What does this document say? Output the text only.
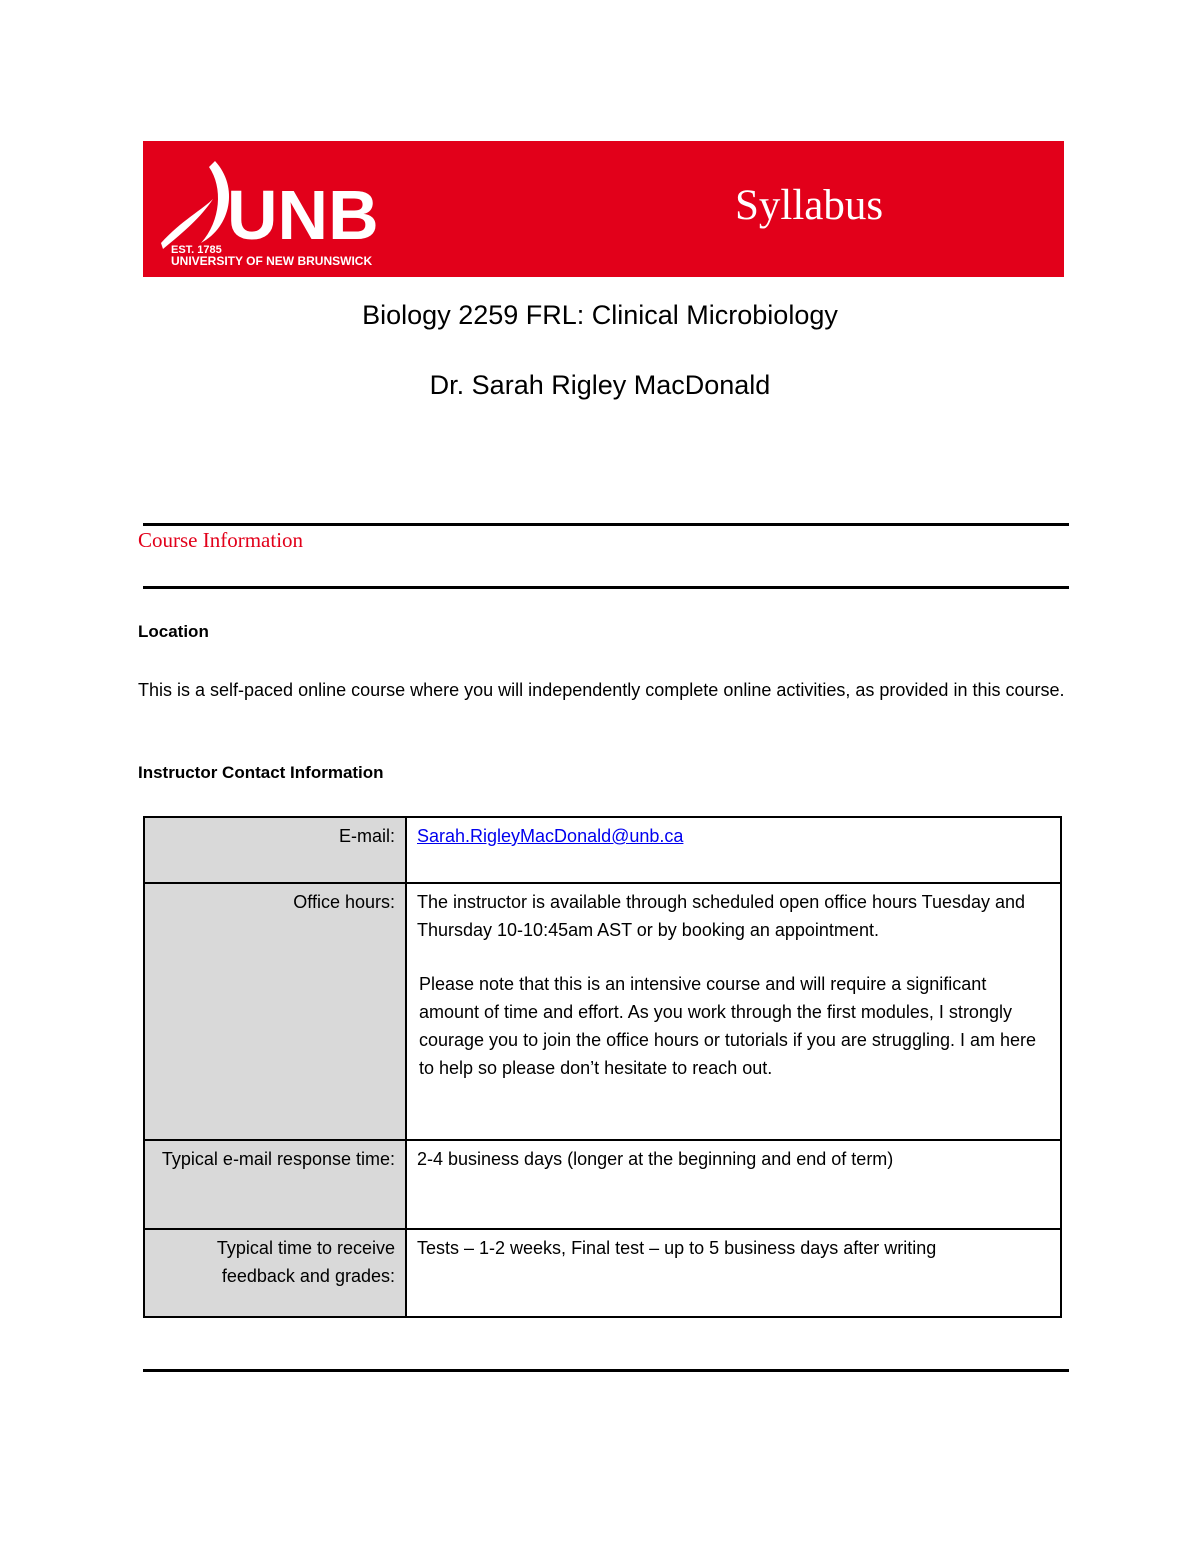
UNB
EST. 1785
UNIVERSITY OF NEW BRUNSWICK
Syllabus
Biology 2259 FRL: Clinical Microbiology
Dr. Sarah Rigley MacDonald
Course Information
Location
This is a self-paced online course where you will independently complete online activities, as provided in this course.
Instructor Contact Information
E-mail:	Sarah.RigleyMacDonald@unb.ca
Office hours:	The instructor is available through scheduled open office hours Tuesday and Thursday 10-10:45am AST or by booking an appointment.
Please note that this is an intensive course and will require a significant amount of time and effort. As you work through the first modules, I strongly courage you to join the office hours or tutorials if you are struggling. I am here to help so please don’t hesitate to reach out.

Typical e-mail response time:	2-4 business days (longer at the beginning and end of term)
Typical time to receive feedback and grades:	Tests – 1-2 weeks, Final test – up to 5 business days after writing
